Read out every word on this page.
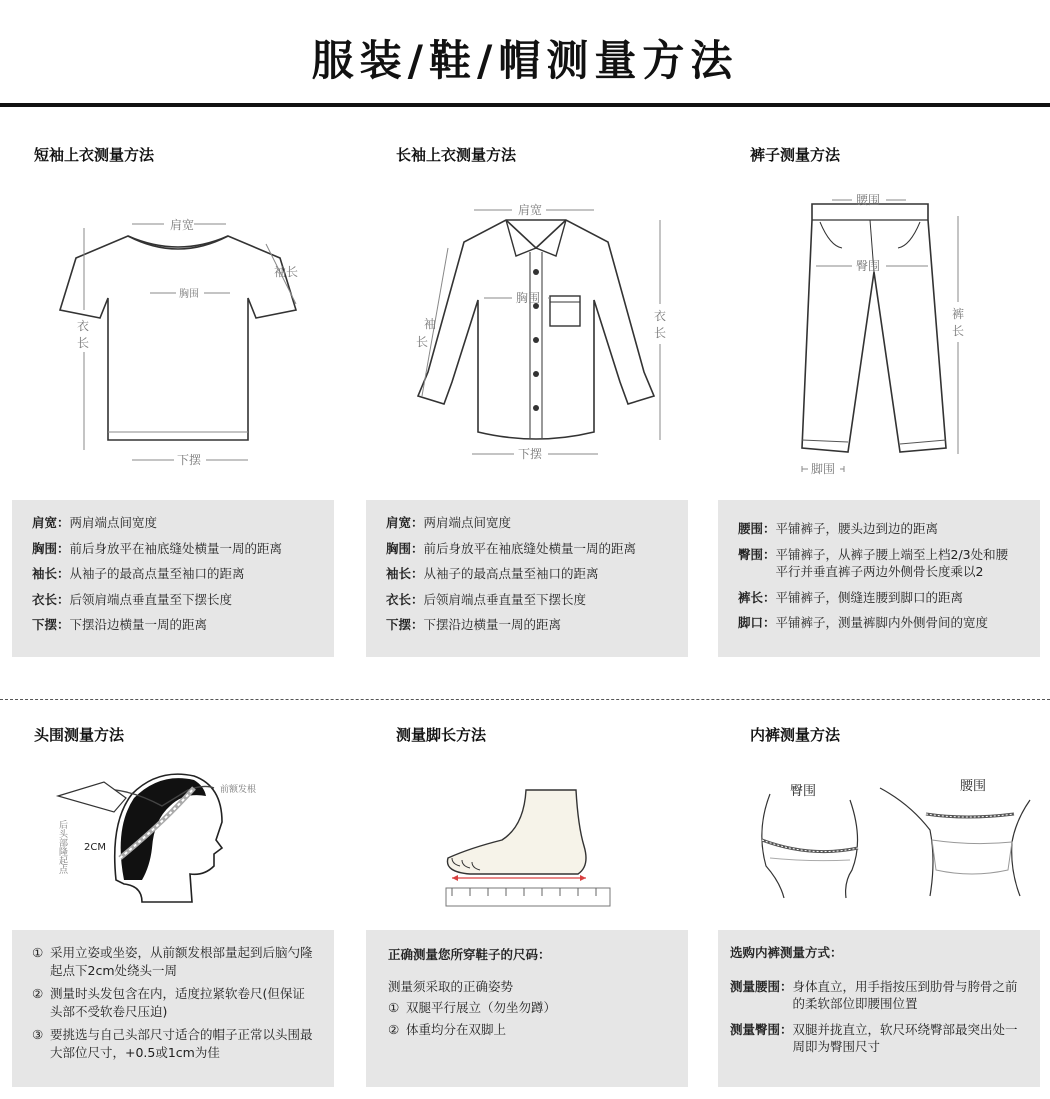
服装/鞋/帽测量方法
短袖上衣测量方法
肩宽
胸围
袖长
衣
长
下摆
肩宽： 两肩端点间宽度
胸围： 前后身放平在袖底缝处横量一周的距离
袖长： 从袖子的最高点量至袖口的距离
衣长： 后领肩端点垂直量至下摆长度
下摆： 下摆沿边横量一周的距离
长袖上衣测量方法
肩宽
胸围
袖
长
衣
长
下摆
肩宽： 两肩端点间宽度
胸围： 前后身放平在袖底缝处横量一周的距离
袖长： 从袖子的最高点量至袖口的距离
衣长： 后领肩端点垂直量至下摆长度
下摆： 下摆沿边横量一周的距离
裤子测量方法
腰围
臀围
裤
长
脚围
腰围： 平铺裤子，腰头边到边的距离
臀围： 平铺裤子，从裤子腰上端至上档2/3处和腰平行并垂直裤子两边外侧骨长度乘以2
裤长： 平铺裤子，侧缝连腰到脚口的距离
脚口： 平铺裤子，测量裤脚内外侧骨间的宽度
头围测量方法
前额发根
2CM
后头部隆起点
① 采用立姿或坐姿，从前额发根部量起到后脑勺隆起点下2cm处绕头一周
② 测量时头发包含在内，适度拉紧软卷尺(但保证头部不受软卷尺压迫)
③ 要挑选与自己头部尺寸适合的帽子正常以头围最大部位尺寸，+0.5或1cm为佳
测量脚长方法
正确测量您所穿鞋子的尺码：
测量须采取的正确姿势
① 双腿平行展立（勿坐勿蹲）
② 体重均分在双脚上
内裤测量方法
臀围	腰围
选购内裤测量方式：
测量腰围： 身体直立，用手指按压到肋骨与胯骨之前的柔软部位即腰围位置
测量臀围： 双腿并拢直立，软尺环绕臀部最突出处一周即为臀围尺寸
